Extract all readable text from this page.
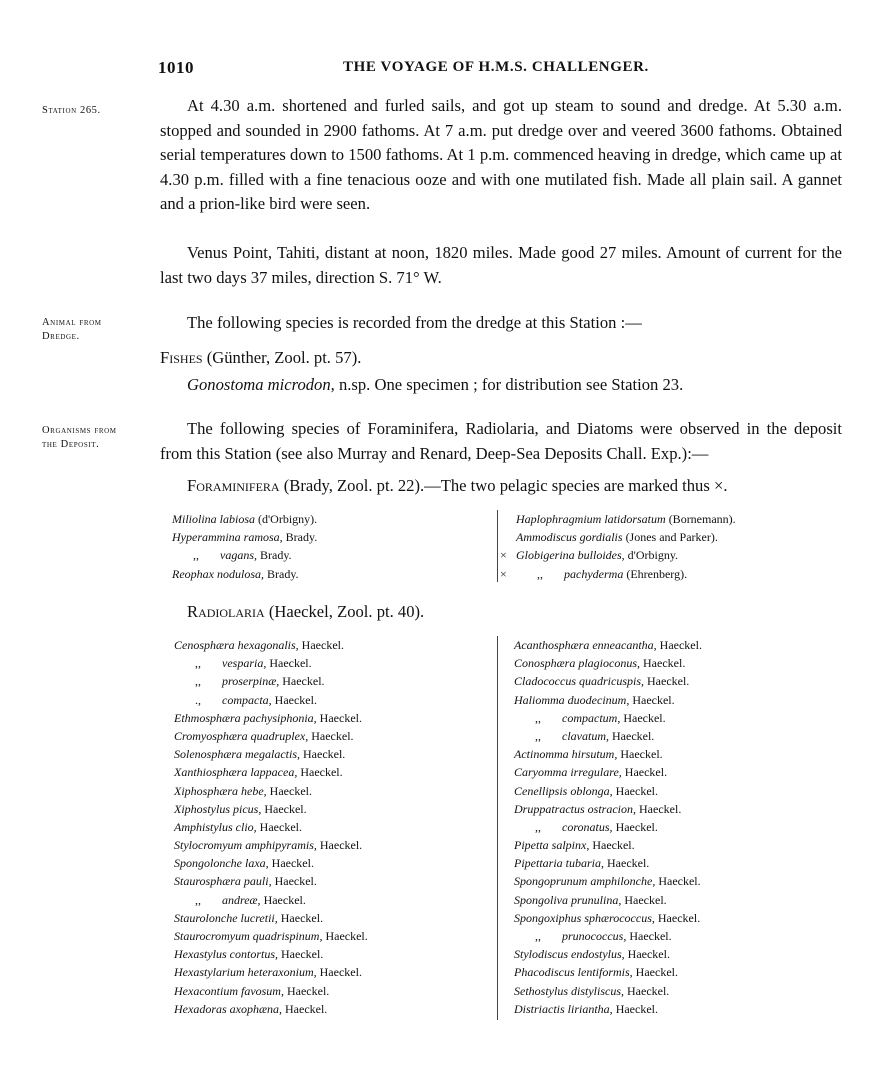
1010	THE VOYAGE OF H.M.S. CHALLENGER.
Station 265.	At 4.30 a.m. shortened and furled sails, and got up steam to sound and dredge. At 5.30 a.m. stopped and sounded in 2900 fathoms. At 7 a.m. put dredge over and veered 3600 fathoms. Obtained serial temperatures down to 1500 fathoms. At 1 p.m. commenced heaving in dredge, which came up at 4.30 p.m. filled with a fine tenacious ooze and with one mutilated fish. Made all plain sail. A gannet and a prion-like bird were seen.
Venus Point, Tahiti, distant at noon, 1820 miles. Made good 27 miles. Amount of current for the last two days 37 miles, direction S. 71° W.
Animal from
Dredge.
The following species is recorded from the dredge at this Station :—
Fishes (Günther, Zool. pt. 57).
Gonostoma microdon, n.sp. One specimen ; for distribution see Station 23.
Organisms from
the Deposit.
The following species of Foraminifera, Radiolaria, and Diatoms were observed in the deposit from this Station (see also Murray and Renard, Deep-Sea Deposits Chall. Exp.):—
Foraminifera (Brady, Zool. pt. 22).—The two pelagic species are marked thus ×.
Miliolina labiosa (d'Orbigny).
Hyperammina ramosa, Brady.
,, vagans, Brady.
Reophax nodulosa, Brady.
Haplophragmium latidorsatum (Bornemann).
Ammodiscus gordialis (Jones and Parker).
× Globigerina bulloides, d'Orbigny.
×	,, pachyderma (Ehrenberg).
Radiolaria (Haeckel, Zool. pt. 40).
Cenosphæra hexagonalis, Haeckel.
,, vesparia, Haeckel.
,, proserpinæ, Haeckel.
., compacta, Haeckel.
Ethmosphæra pachysiphonia, Haeckel.
Cromyosphæra quadruplex, Haeckel.
Solenosphæra megalactis, Haeckel.
Xanthiosphæra lappacea, Haeckel.
Xiphosphæra hebe, Haeckel.
Xiphostylus picus, Haeckel.
Amphistylus clio, Haeckel.
Stylocromyum amphipyramis, Haeckel.
Spongolonche laxa, Haeckel.
Staurosphæra pauli, Haeckel.
,, andreæ, Haeckel.
Staurolonche lucretii, Haeckel.
Staurocromyum quadrispinum, Haeckel.
Hexastylus contortus, Haeckel.
Hexastylarium heteraxonium, Haeckel.
Hexacontium favosum, Haeckel.
Hexadoras axophæna, Haeckel.
Acanthosphæra enneacantha, Haeckel.
Conosphæra plagioconus, Haeckel.
Cladococcus quadricuspis, Haeckel.
Haliomma duodecinum, Haeckel.
,, compactum, Haeckel.
,, clavatum, Haeckel.
Actinomma hirsutum, Haeckel.
Caryomma irregulare, Haeckel.
Cenellipsis oblonga, Haeckel.
Druppatractus ostracion, Haeckel.
,, coronatus, Haeckel.
Pipetta salpinx, Haeckel.
Pipettaria tubaria, Haeckel.
Spongoprunum amphilonche, Haeckel.
Spongoliva prunulina, Haeckel.
Spongoxiphus sphærococcus, Haeckel.
,, prunococcus, Haeckel.
Stylodiscus endostylus, Haeckel.
Phacodiscus lentiformis, Haeckel.
Sethostylus distyliscus, Haeckel.
Distriactis liriantha, Haeckel.
